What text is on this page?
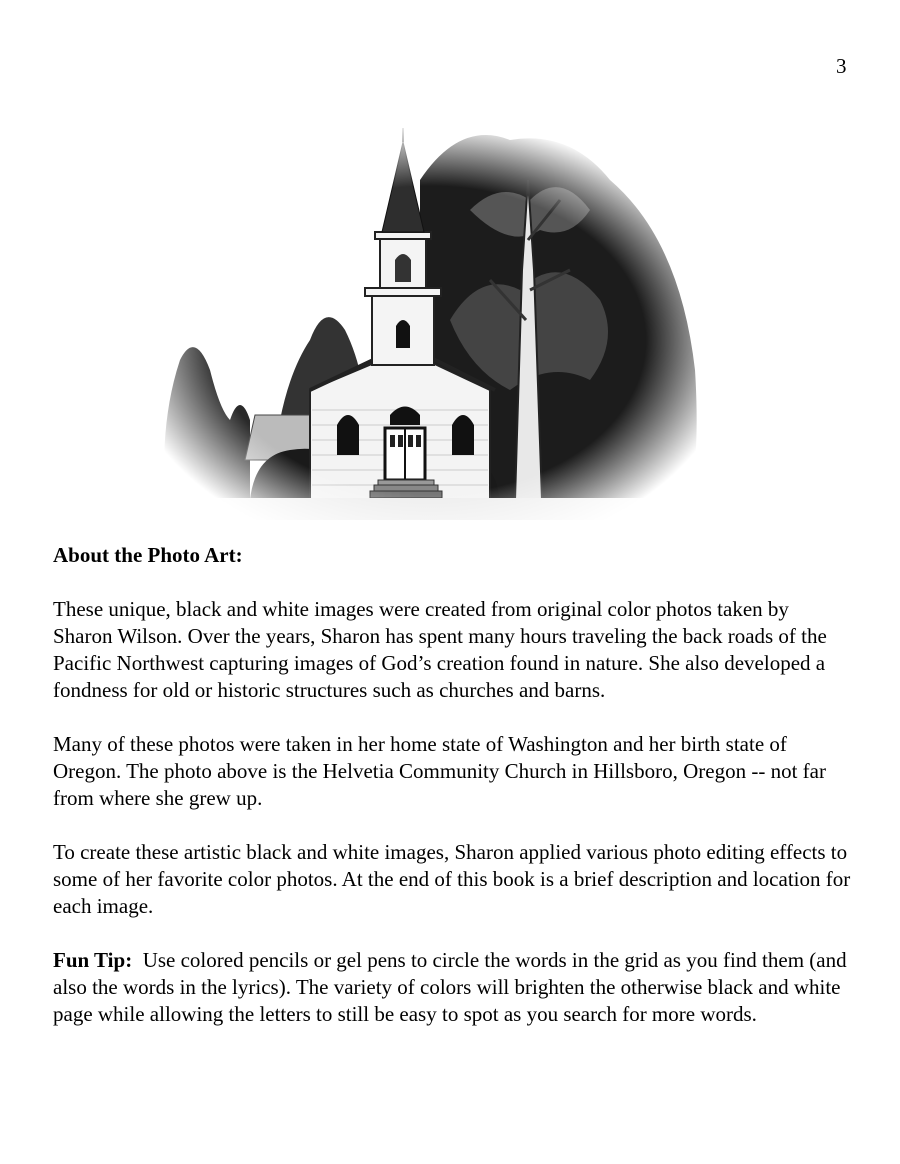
3
About the Photo Art:

These unique, black and white images were created from original color photos taken by Sharon Wilson. Over the years, Sharon has spent many hours traveling the back roads of the Pacific Northwest capturing images of God’s creation found in nature. She also developed a fondness for old or historic structures such as churches and barns.

Many of these photos were taken in her home state of Washington and her birth state of Oregon. The photo above is the Helvetia Community Church in Hillsboro, Oregon -- not far from where she grew up.

To create these artistic black and white images, Sharon applied various photo editing effects to some of her favorite color photos. At the end of this book is a brief description and location for each image.

Fun Tip:  Use colored pencils or gel pens to circle the words in the grid as you find them (and also the words in the lyrics). The variety of colors will brighten the otherwise black and white page while allowing the letters to still be easy to spot as you search for more words.
